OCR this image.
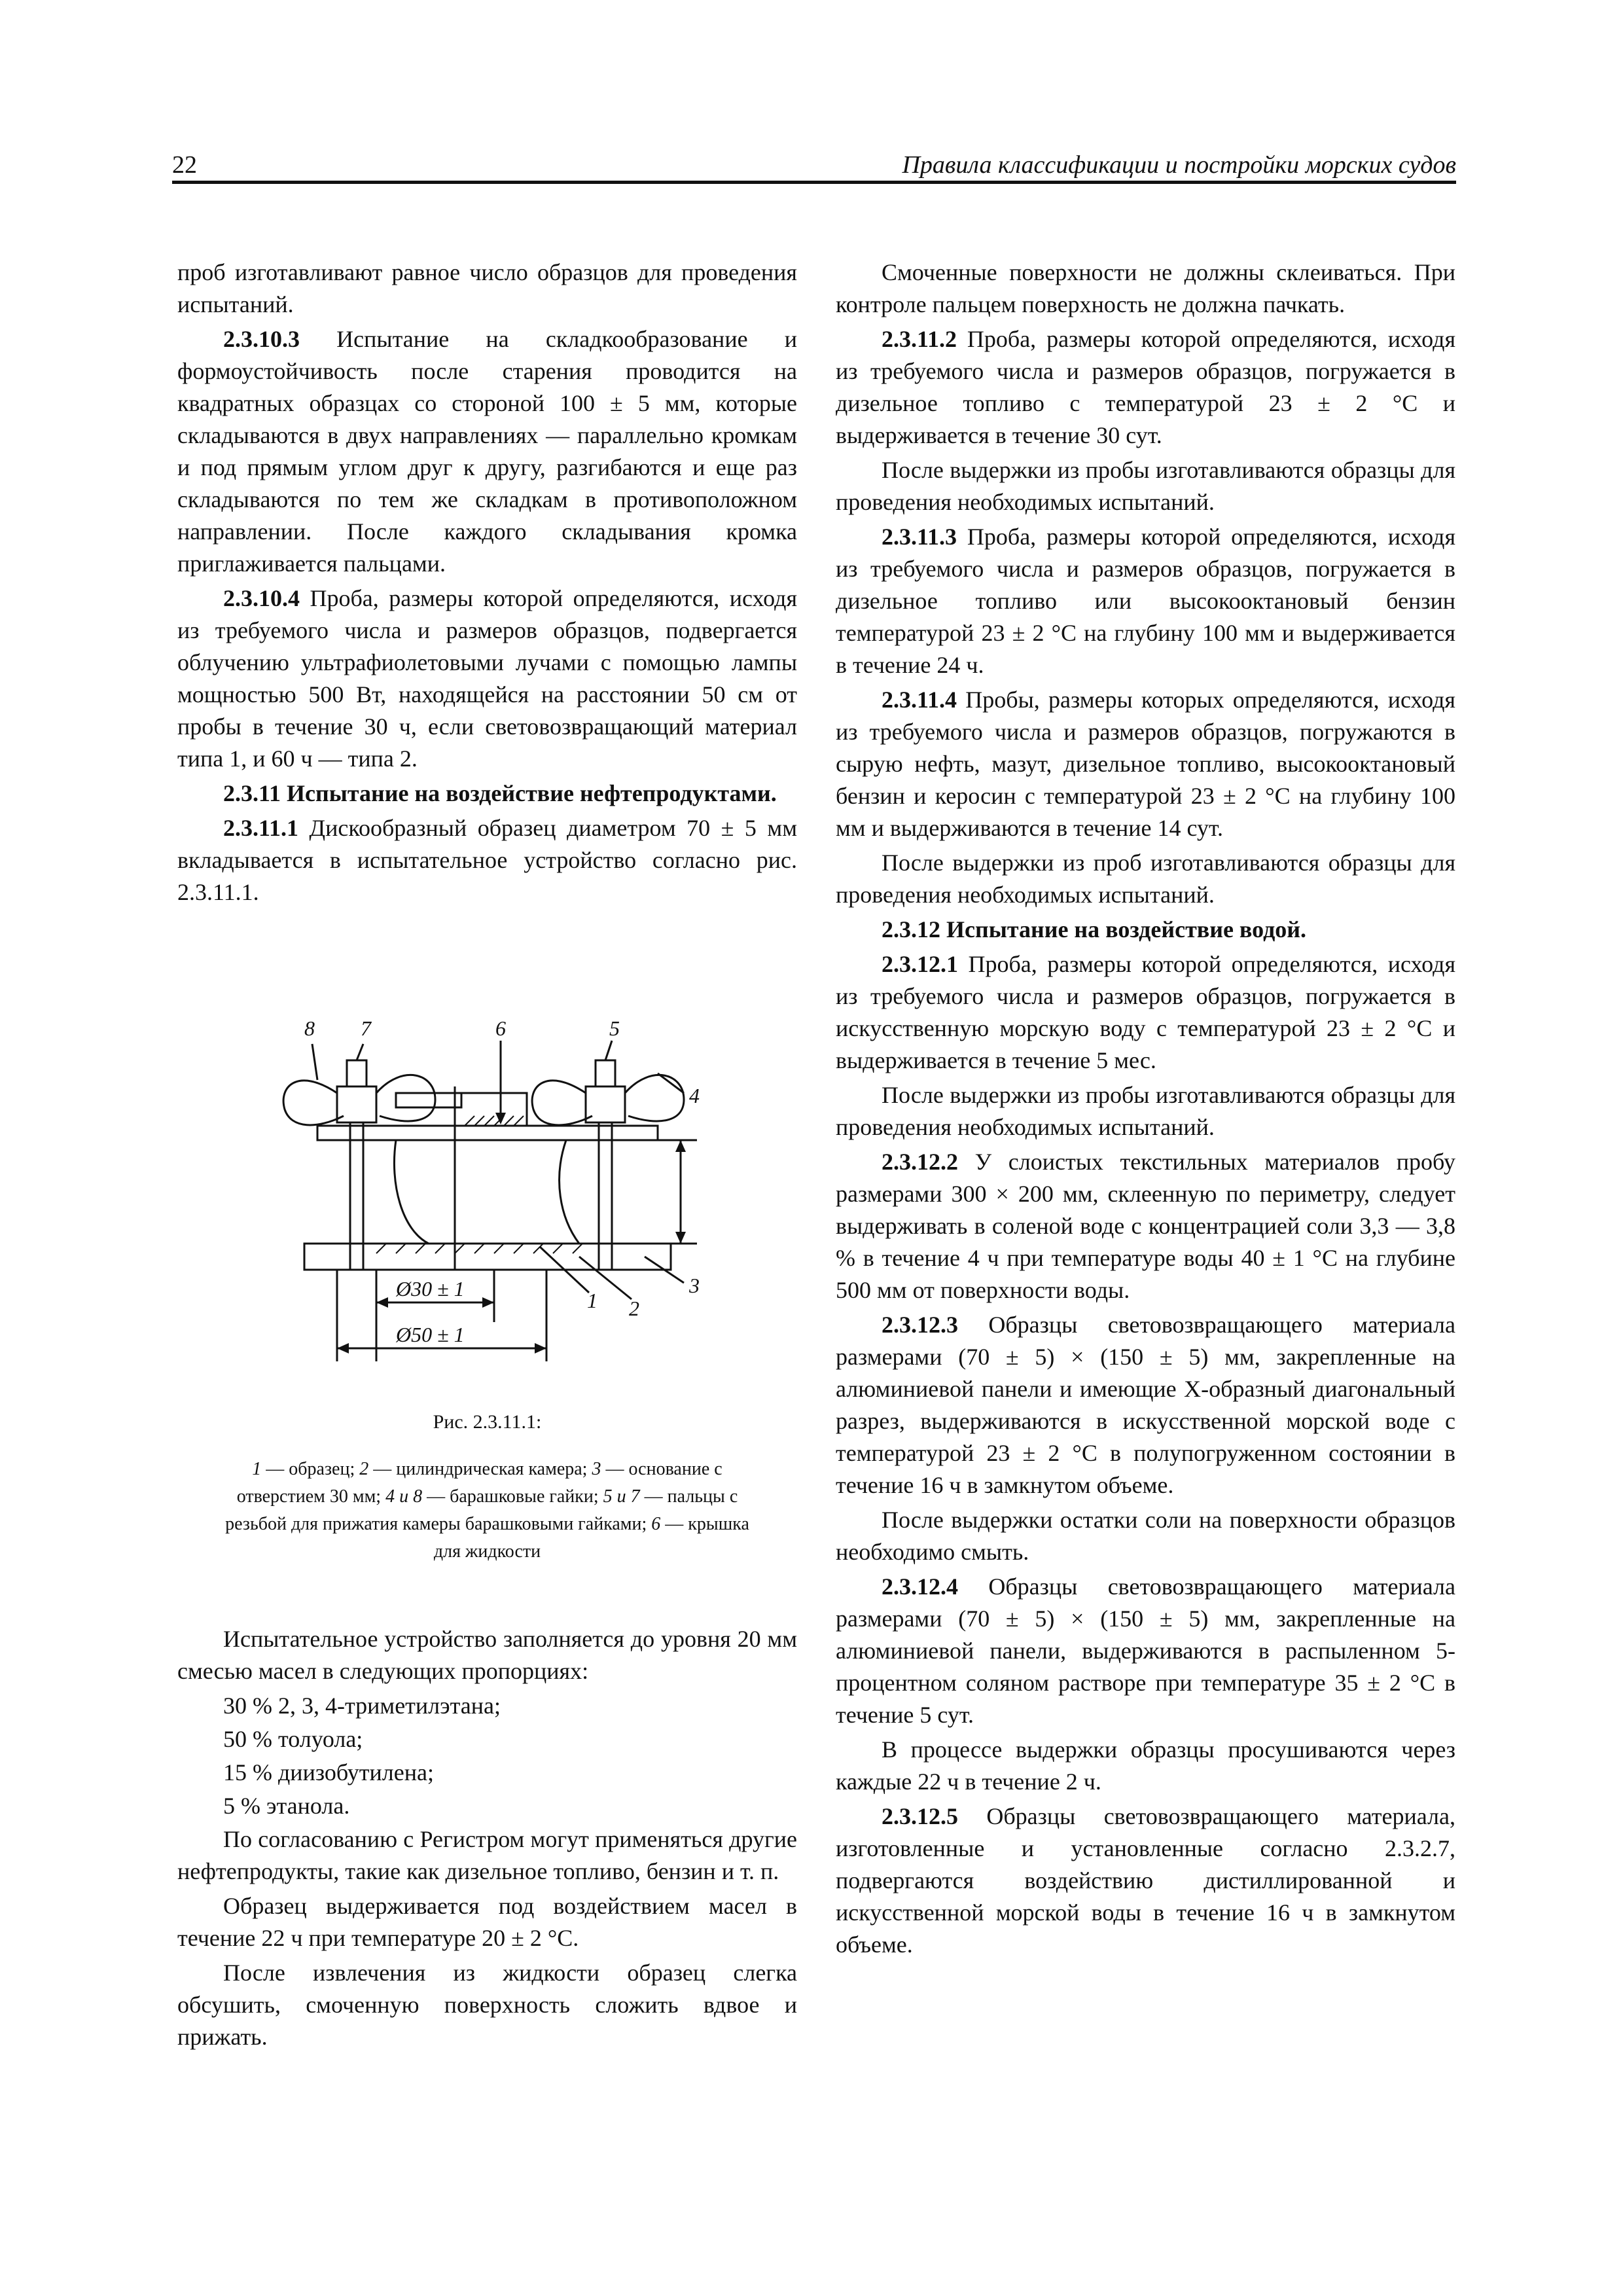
22	Правила классификации и постройки морских судов

проб изготавливают равное число образцов для проведения испытаний.

2.3.10.3 Испытание на складкообразование и формоустойчивость после старения проводится на квадратных образцах со стороной 100 ± 5 мм, которые складываются в двух направлениях — параллельно кромкам и под прямым углом друг к другу, разгибаются и еще раз складываются по тем же складкам в противоположном направлении. После каждого складывания кромка приглаживается пальцами.

2.3.10.4 Проба, размеры которой определяются, исходя из требуемого числа и размеров образцов, подвергается облучению ультрафиолетовыми лучами с помощью лампы мощностью 500 Вт, находящейся на расстоянии 50 см от пробы в течение 30 ч, если световозвращающий материал типа 1, и 60 ч — типа 2.

2.3.11 Испытание на воздействие нефтепродуктами.

2.3.11.1 Дискообразный образец диаметром 70 ± 5 мм вкладывается в испытательное устройство согласно рис. 2.3.11.1.

8 7	6	5
4
1 2
3
Ø30 ± 1
Ø50 ± 1
Рис. 2.3.11.1:
1 — образец; 2 — цилиндрическая камера; 3 — основание с отверстием 30 мм; 4 и 8 — барашковые гайки; 5 и 7 — пальцы с резьбой для прижатия камеры барашковыми гайками; 6 — крышка для жидкости

Испытательное устройство заполняется до уровня 20 мм смесью масел в следующих пропорциях:

30 % 2, 3, 4-триметилэтана;

50 % толуола;

15 % диизобутилена;

5 % этанола.

По согласованию с Регистром могут применяться другие нефтепродукты, такие как дизельное топливо, бензин и т. п.

Образец выдерживается под воздействием масел в течение 22 ч при температуре 20 ± 2 °С.

После извлечения из жидкости образец слегка обсушить, смоченную поверхность сложить вдвое и прижать.

Смоченные поверхности не должны склеиваться. При контроле пальцем поверхность не должна пачкать.

2.3.11.2 Проба, размеры которой определяются, исходя из требуемого числа и размеров образцов, погружается в дизельное топливо с температурой 23 ± 2 °С и выдерживается в течение 30 сут.

После выдержки из пробы изготавливаются образцы для проведения необходимых испытаний.

2.3.11.3 Проба, размеры которой определяются, исходя из требуемого числа и размеров образцов, погружается в дизельное топливо или высокооктановый бензин температурой 23 ± 2 °С на глубину 100 мм и выдерживается в течение 24 ч.

2.3.11.4 Пробы, размеры которых определяются, исходя из требуемого числа и размеров образцов, погружаются в сырую нефть, мазут, дизельное топливо, высокооктановый бензин и керосин с температурой 23 ± 2 °С на глубину 100 мм и выдерживаются в течение 14 сут.

После выдержки из проб изготавливаются образцы для проведения необходимых испытаний.

2.3.12 Испытание на воздействие водой.

2.3.12.1 Проба, размеры которой определяются, исходя из требуемого числа и размеров образцов, погружается в искусственную морскую воду с температурой 23 ± 2 °С и выдерживается в течение 5 мес.

После выдержки из пробы изготавливаются образцы для проведения необходимых испытаний.

2.3.12.2 У слоистых текстильных материалов пробу размерами 300 × 200 мм, склеенную по периметру, следует выдерживать в соленой воде с концентрацией соли 3,3 — 3,8 % в течение 4 ч при температуре воды 40 ± 1 °С на глубине 500 мм от поверхности воды.

2.3.12.3 Образцы световозвращающего материала размерами (70 ± 5) × (150 ± 5) мм, закрепленные на алюминиевой панели и имеющие Х-образный диагональный разрез, выдерживаются в искусственной морской воде с температурой 23 ± 2 °С в полупогруженном состоянии в течение 16 ч в замкнутом объеме.

После выдержки остатки соли на поверхности образцов необходимо смыть.

2.3.12.4 Образцы световозвращающего материала размерами (70 ± 5) × (150 ± 5) мм, закрепленные на алюминиевой панели, выдерживаются в распыленном 5-процентном соляном растворе при температуре 35 ± 2 °С в течение 5 сут.

В процессе выдержки образцы просушиваются через каждые 22 ч в течение 2 ч.

2.3.12.5 Образцы световозвращающего материала, изготовленные и установленные согласно 2.3.2.7, подвергаются воздействию дистиллированной и искусственной морской воды в течение 16 ч в замкнутом объеме.
